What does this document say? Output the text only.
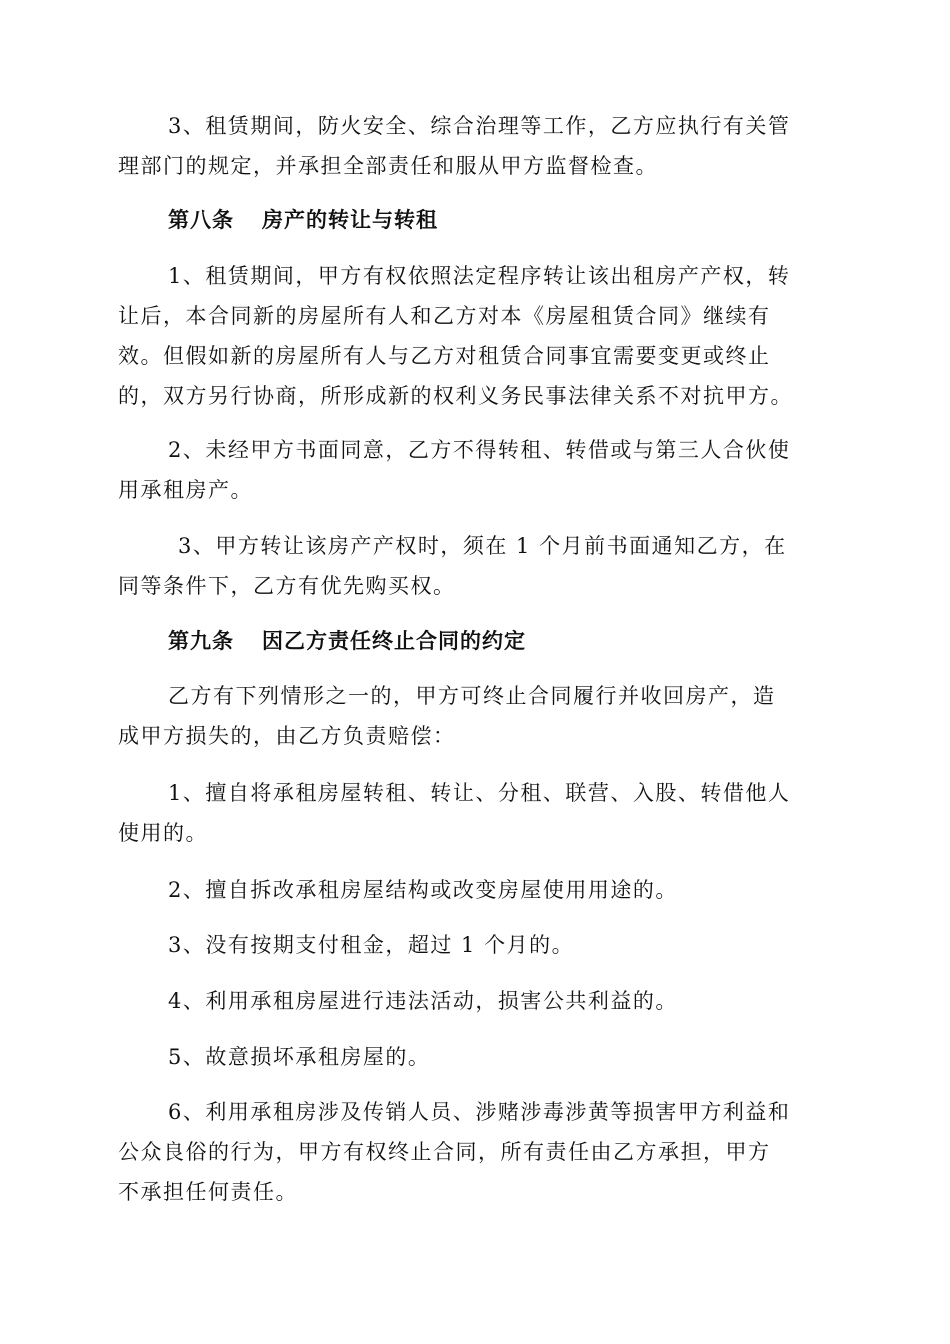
3、租赁期间，防火安全、综合治理等工作，乙方应执行有关管
理部门的规定，并承担全部责任和服从甲方监督检查。
第八条 房产的转让与转租
1、租赁期间，甲方有权依照法定程序转让该出租房产产权，转
让后，本合同新的房屋所有人和乙方对本《房屋租赁合同》继续有
效。但假如新的房屋所有人与乙方对租赁合同事宜需要变更或终止
的，双方另行协商，所形成新的权利义务民事法律关系不对抗甲方。
2、未经甲方书面同意，乙方不得转租、转借或与第三人合伙使
用承租房产。
3、甲方转让该房产产权时，须在 1 个月前书面通知乙方，在
同等条件下，乙方有优先购买权。
第九条 因乙方责任终止合同的约定
乙方有下列情形之一的，甲方可终止合同履行并收回房产，造
成甲方损失的，由乙方负责赔偿：
1、擅自将承租房屋转租、转让、分租、联营、入股、转借他人
使用的。
2、擅自拆改承租房屋结构或改变房屋使用用途的。
3、没有按期支付租金，超过 1 个月的。
4、利用承租房屋进行违法活动，损害公共利益的。
5、故意损坏承租房屋的。
6、利用承租房涉及传销人员、涉赌涉毒涉黄等损害甲方利益和
公众良俗的行为，甲方有权终止合同，所有责任由乙方承担，甲方
不承担任何责任。
